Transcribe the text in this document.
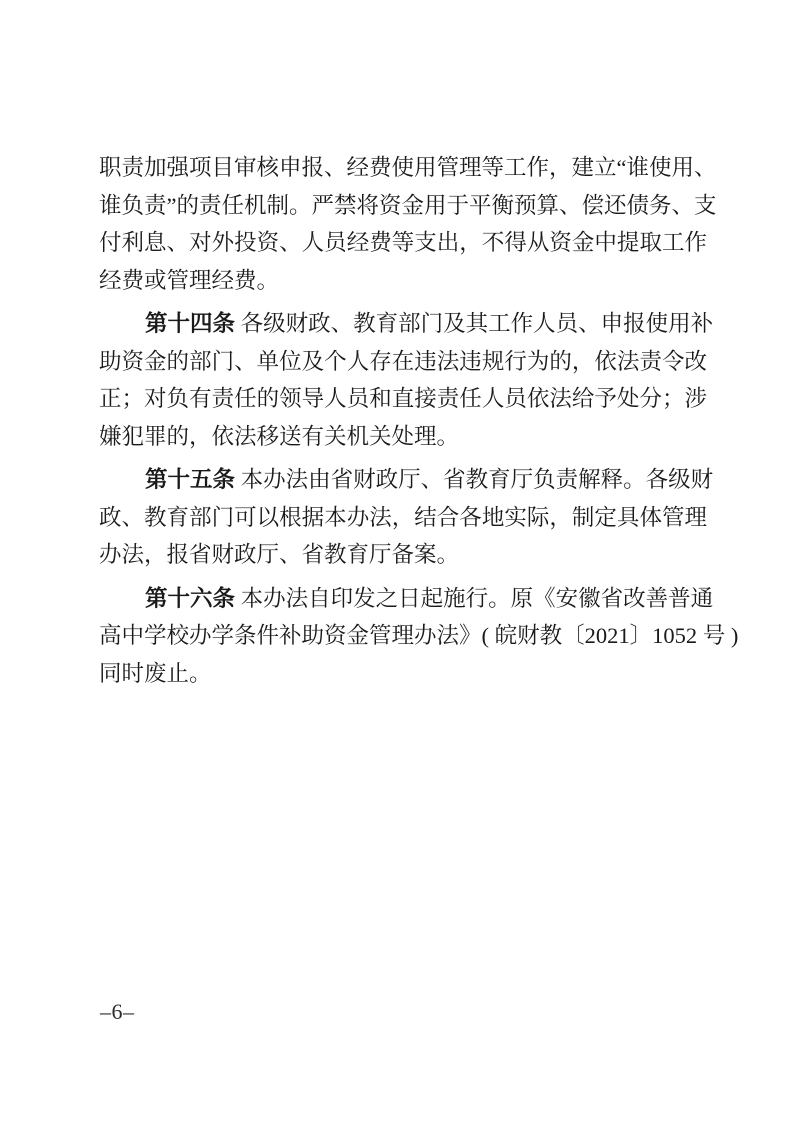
职责加强项目审核申报、经费使用管理等工作，建立“谁使用、
谁负责”的责任机制。严禁将资金用于平衡预算、偿还债务、支
付利息、对外投资、人员经费等支出，不得从资金中提取工作
经费或管理经费。
第十四条 各级财政、教育部门及其工作人员、申报使用补
助资金的部门、单位及个人存在违法违规行为的，依法责令改
正；对负有责任的领导人员和直接责任人员依法给予处分；涉
嫌犯罪的，依法移送有关机关处理。
第十五条 本办法由省财政厅、省教育厅负责解释。各级财
政、教育部门可以根据本办法，结合各地实际，制定具体管理
办法，报省财政厅、省教育厅备案。
第十六条 本办法自印发之日起施行。原《安徽省改善普通
高中学校办学条件补助资金管理办法》( 皖财教〔2021〕1052 号 )
同时废止。
–6–
